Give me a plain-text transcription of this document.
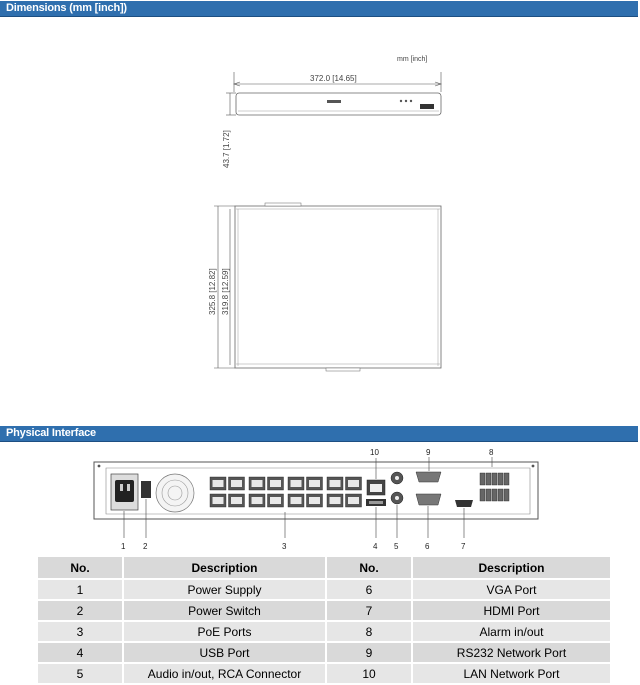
Dimensions (mm [inch])
mm [inch]
372.0 [14.65]
43.7 [1.72]
325.8 [12.82] 319.8 [12.59]
Physical Interface
1 2	3	4 5	6	7
8
9
10
No.	Description	No.	Description
1	Power Supply	6	VGA Port
2	Power Switch	7	HDMI Port
3	PoE Ports	8	Alarm in/out
4	USB Port	9	RS232 Network Port
5	Audio in/out, RCA Connector	10	LAN Network Port
